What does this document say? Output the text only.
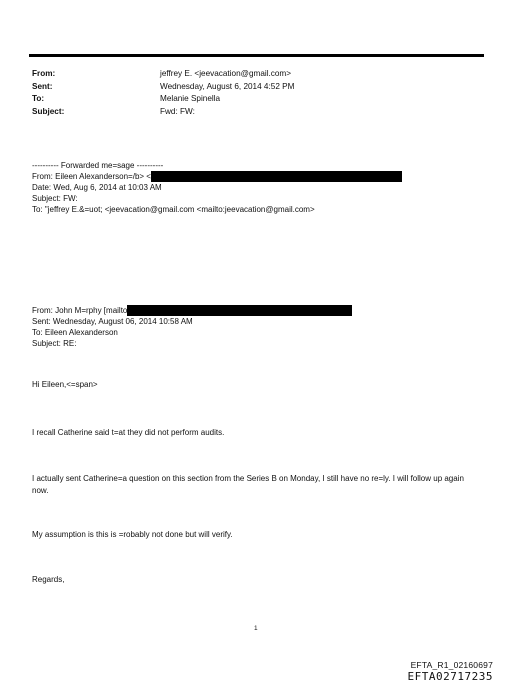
From:	jeffrey E. <jeevacation@gmail.com>
Sent:	Wednesday, August 6, 2014 4:52 PM
To:	Melanie Spinella
Subject:	Fwd: FW:
---------- Forwarded me=sage ----------
From: Eileen Alexanderson=/b> <
Date: Wed, Aug 6, 2014 at 10:03 AM
Subject: FW:
To: "jeffrey E.&=uot; <jeevacation@gmail.com <mailto:jeevacation@gmail.com>
From: John M=rphy [mailto
Sent: Wednesday, August 06, 2014 10:58 AM
To: Eileen Alexanderson
Subject: RE:
Hi Eileen,<=span>
I recall Catherine said t=at they did not perform audits.
I actually sent Catherine=a question on this section from the Series B on Monday, I still have no re=ly. I will follow up again now.
My assumption is this is =robably not done but will verify.
Regards,
1
EFTA_R1_02160697
EFTA02717235
